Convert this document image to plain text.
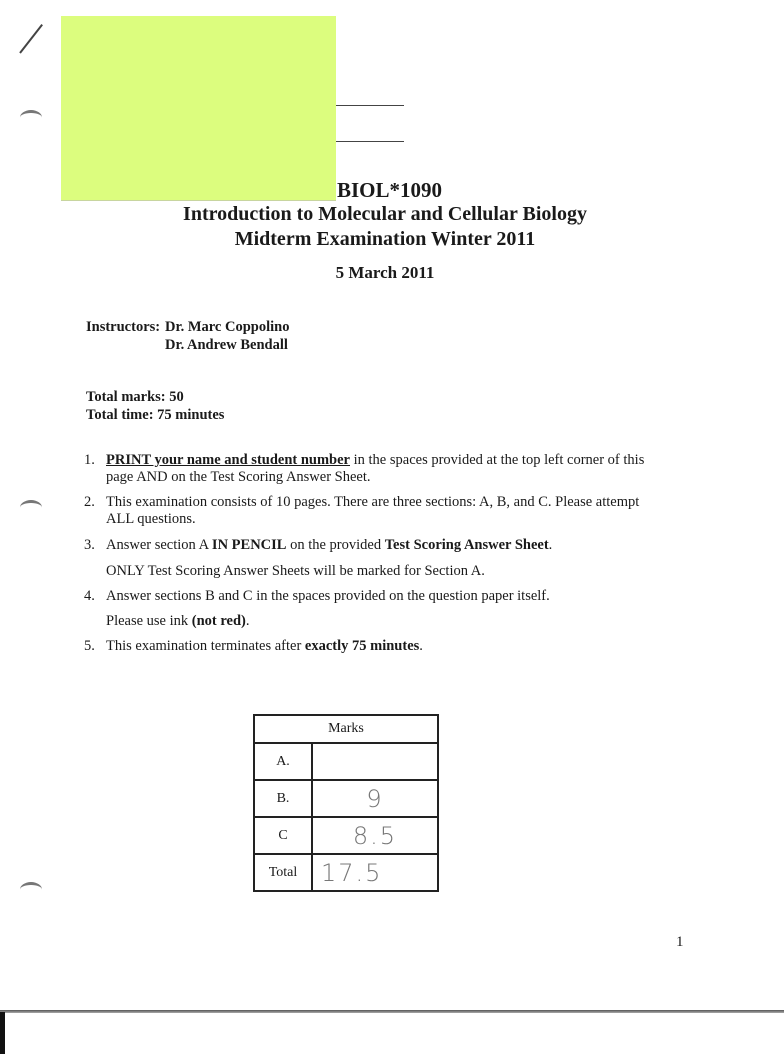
BIOL*1090
Introduction to Molecular and Cellular Biology
Midterm Examination Winter 2011
5 March 2011
Instructors: Dr. Marc Coppolino
Dr. Andrew Bendall
Total marks: 50
Total time: 75 minutes
1. PRINT your name and student number in the spaces provided at the top left corner of this
page AND on the Test Scoring Answer Sheet.
2. This examination consists of 10 pages. There are three sections: A, B, and C. Please attempt
ALL questions.
3. Answer section A IN PENCIL on the provided Test Scoring Answer Sheet.
ONLY Test Scoring Answer Sheets will be marked for Section A.
4. Answer sections B and C in the spaces provided on the question paper itself.
Please use ink (not red).
5. This examination terminates after exactly 75 minutes.
Marks	
A.	
B.	9
C	8.5
Total	17.5
1
